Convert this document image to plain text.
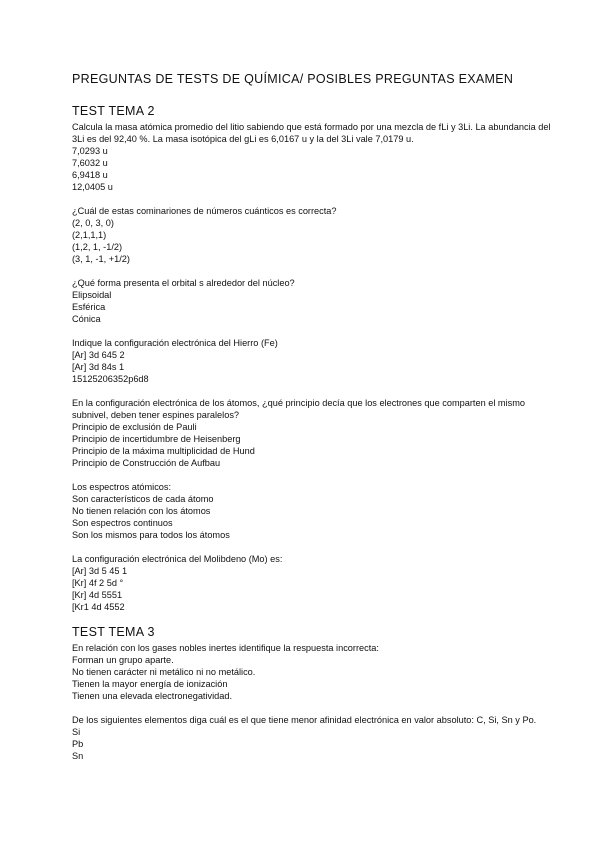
PREGUNTAS DE TESTS DE QUÍMICA/ POSIBLES PREGUNTAS EXAMEN
TEST TEMA 2

Calcula la masa atómica promedio del litio sabiendo que está formado por una mezcla de fLi y 3Li. La abundancia del 3Li es del 92,40 %. La masa isotópica del gLi es 6,0167 u y la del 3Li vale 7,0179 u.

7,0293 u

7,6032 u

6,9418 u

12,0405 u

¿Cuál de estas cominariones de números cuánticos es correcta?

(2, 0, 3, 0)

(2,1,1,1)

(1,2, 1, -1/2)

(3, 1, -1, +1/2)

¿Qué forma presenta el orbital s alrededor del núcleo?

Elipsoidal

Esférica

Cónica

Indique la configuración electrónica del Hierro (Fe)

[Ar] 3d 645 2

[Ar] 3d 84s 1

15125206352p6d8

En la configuración electrónica de los átomos, ¿qué principio decía que los electrones que comparten el mismo subnivel, deben tener espines paralelos?

Principio de exclusión de Pauli

Principio de incertidumbre de Heisenberg

Principio de la máxima multiplicidad de Hund

Principio de Construcción de Aufbau

Los espectros atómicos:

Son característicos de cada átomo

No tienen relación con los átomos

Son espectros continuos

Son los mismos para todos los átomos

La configuración electrónica del Molibdeno (Mo) es:

[Ar] 3d 5 45 1

[Kr] 4f 2 5d °

[Kr] 4d 5551

[Kr1 4d 4552

TEST TEMA 3

En relación con los gases nobles inertes identifique la respuesta incorrecta:

Forman un grupo aparte.

No tienen carácter ni metálico ni no metálico.

Tienen la mayor energía de ionización

Tienen una elevada electronegatividad.

De los siguientes elementos diga cuál es el que tiene menor afinidad electrónica en valor absoluto: C, Si, Sn y Po.

Si

Pb

Sn
